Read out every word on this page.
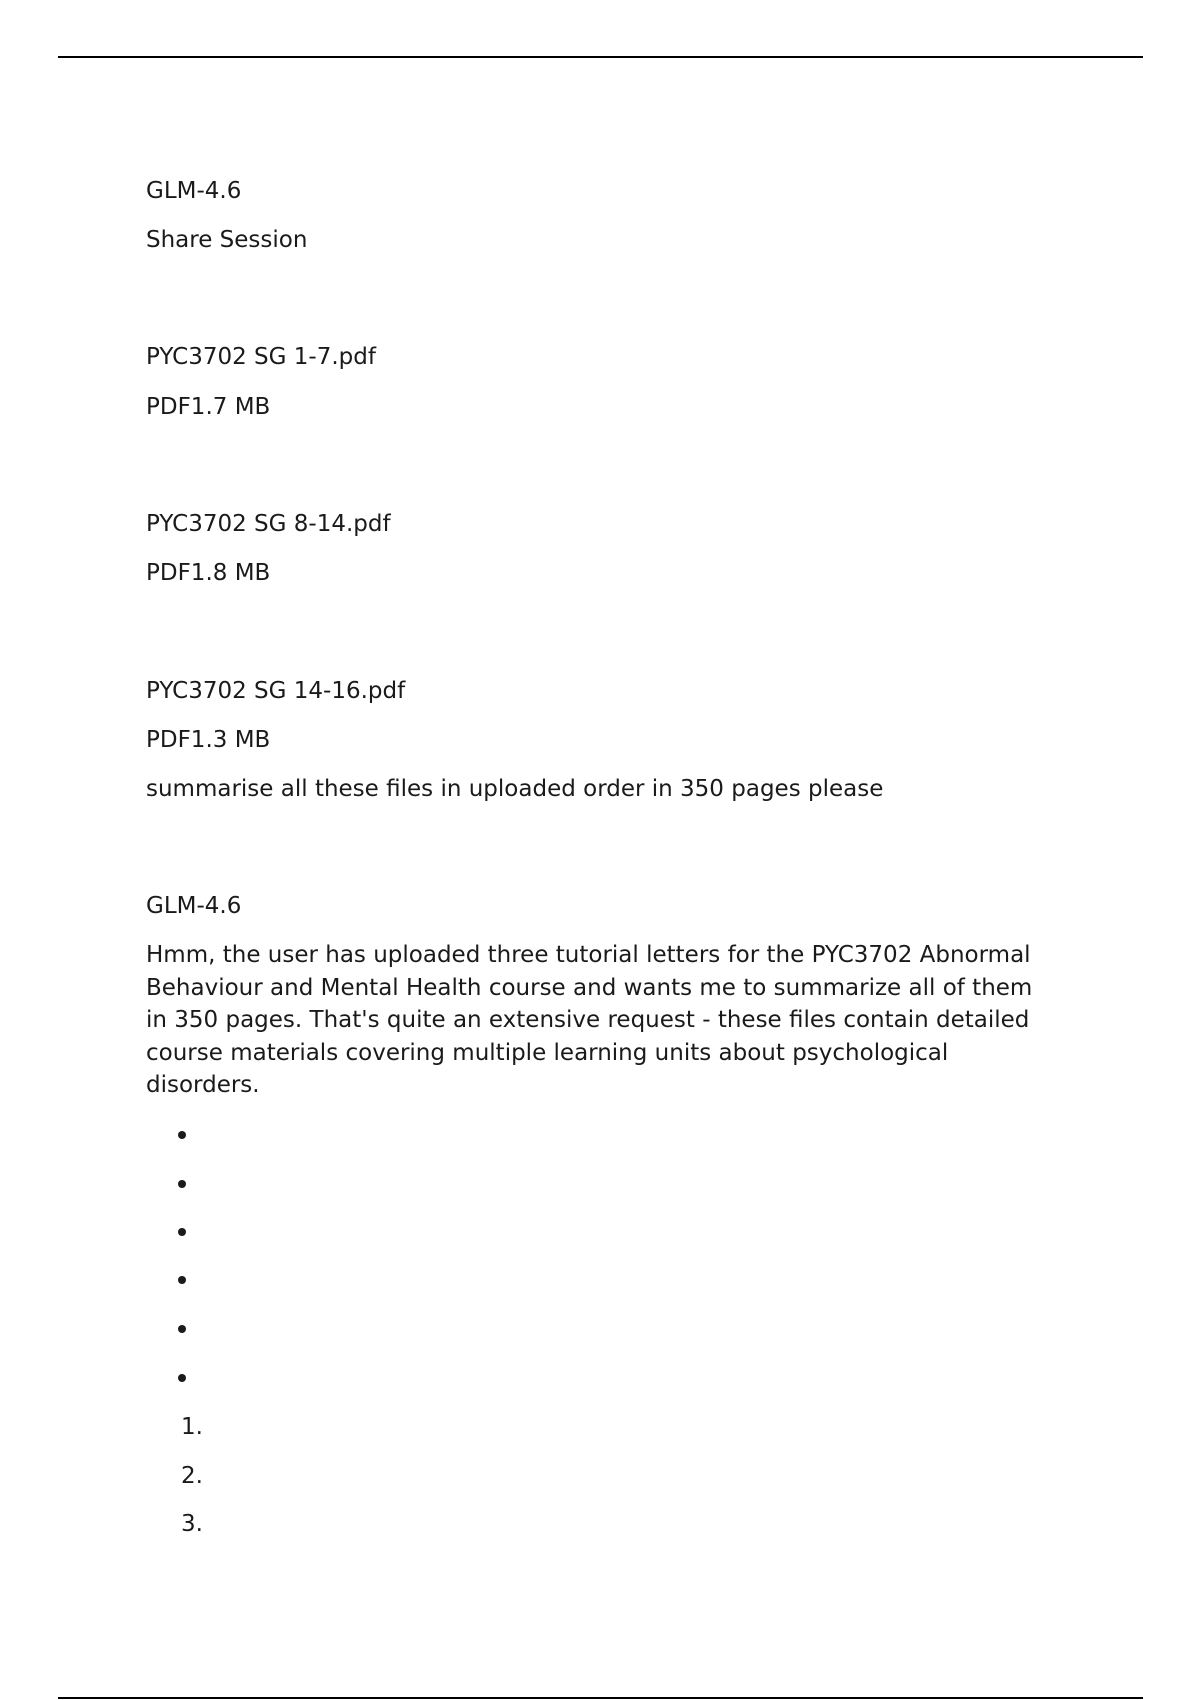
GLM-4.6
Share Session
PYC3702 SG 1-7.pdf
PDF1.7 MB
PYC3702 SG 8-14.pdf
PDF1.8 MB
PYC3702 SG 14-16.pdf
PDF1.3 MB
summarise all these files in uploaded order in 350 pages please
GLM-4.6
Hmm, the user has uploaded three tutorial letters for the PYC3702 Abnormal Behaviour and Mental Health course and wants me to summarize all of them in 350 pages. That's quite an extensive request - these files contain detailed course materials covering multiple learning units about psychological disorders.
1.
2.
3.
